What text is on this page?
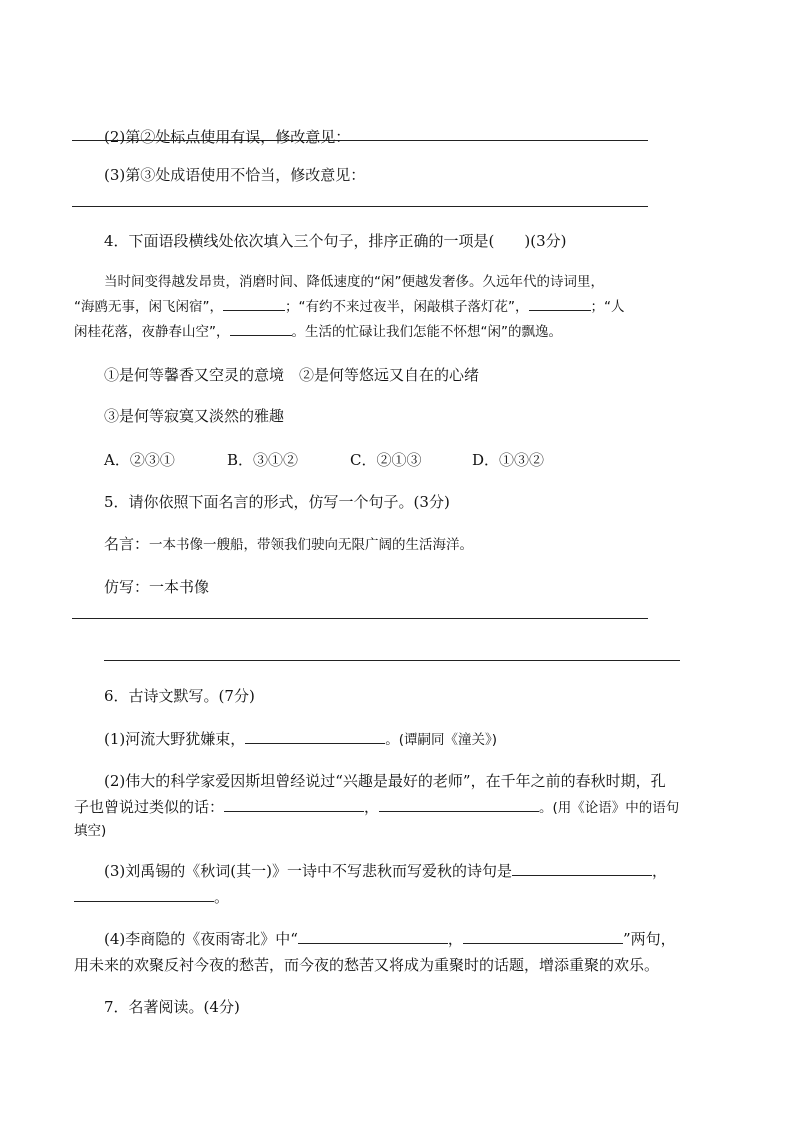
(2)第②处标点使用有误，修改意见：
(3)第③处成语使用不恰当，修改意见：
4．下面语段横线处依次填入三个句子，排序正确的一项是(　　)(3分)
当时间变得越发昂贵，消磨时间、降低速度的“闲”便越发奢侈。久远年代的诗词里，
“海鸥无事，闲飞闲宿”，	；“有约不来过夜半，闲敲棋子落灯花”，	；“人
闲桂花落，夜静春山空”，	。生活的忙碌让我们怎能不怀想“闲”的飘逸。
①是何等馨香又空灵的意境　②是何等悠远又自在的心绪
③是何等寂寞又淡然的雅趣
A．②③①	B．③①②	C．②①③	D．①③②
5．请你依照下面名言的形式，仿写一个句子。(3分)
名言：一本书像一艘船，带领我们驶向无限广阔的生活海洋。
仿写：一本书像
6．古诗文默写。(7分)
(1)河流大野犹嫌束，	。(谭嗣同《潼关》)
(2)伟大的科学家爱因斯坦曾经说过“兴趣是最好的老师”，在千年之前的春秋时期，孔
子也曾说过类似的话：	，	。(用《论语》中的语句
填空)
(3)刘禹锡的《秋词(其一)》一诗中不写悲秋而写爱秋的诗句是	，
。
(4)李商隐的《夜雨寄北》中“	，	”两句，
用未来的欢聚反衬今夜的愁苦，而今夜的愁苦又将成为重聚时的话题，增添重聚的欢乐。
7．名著阅读。(4分)
